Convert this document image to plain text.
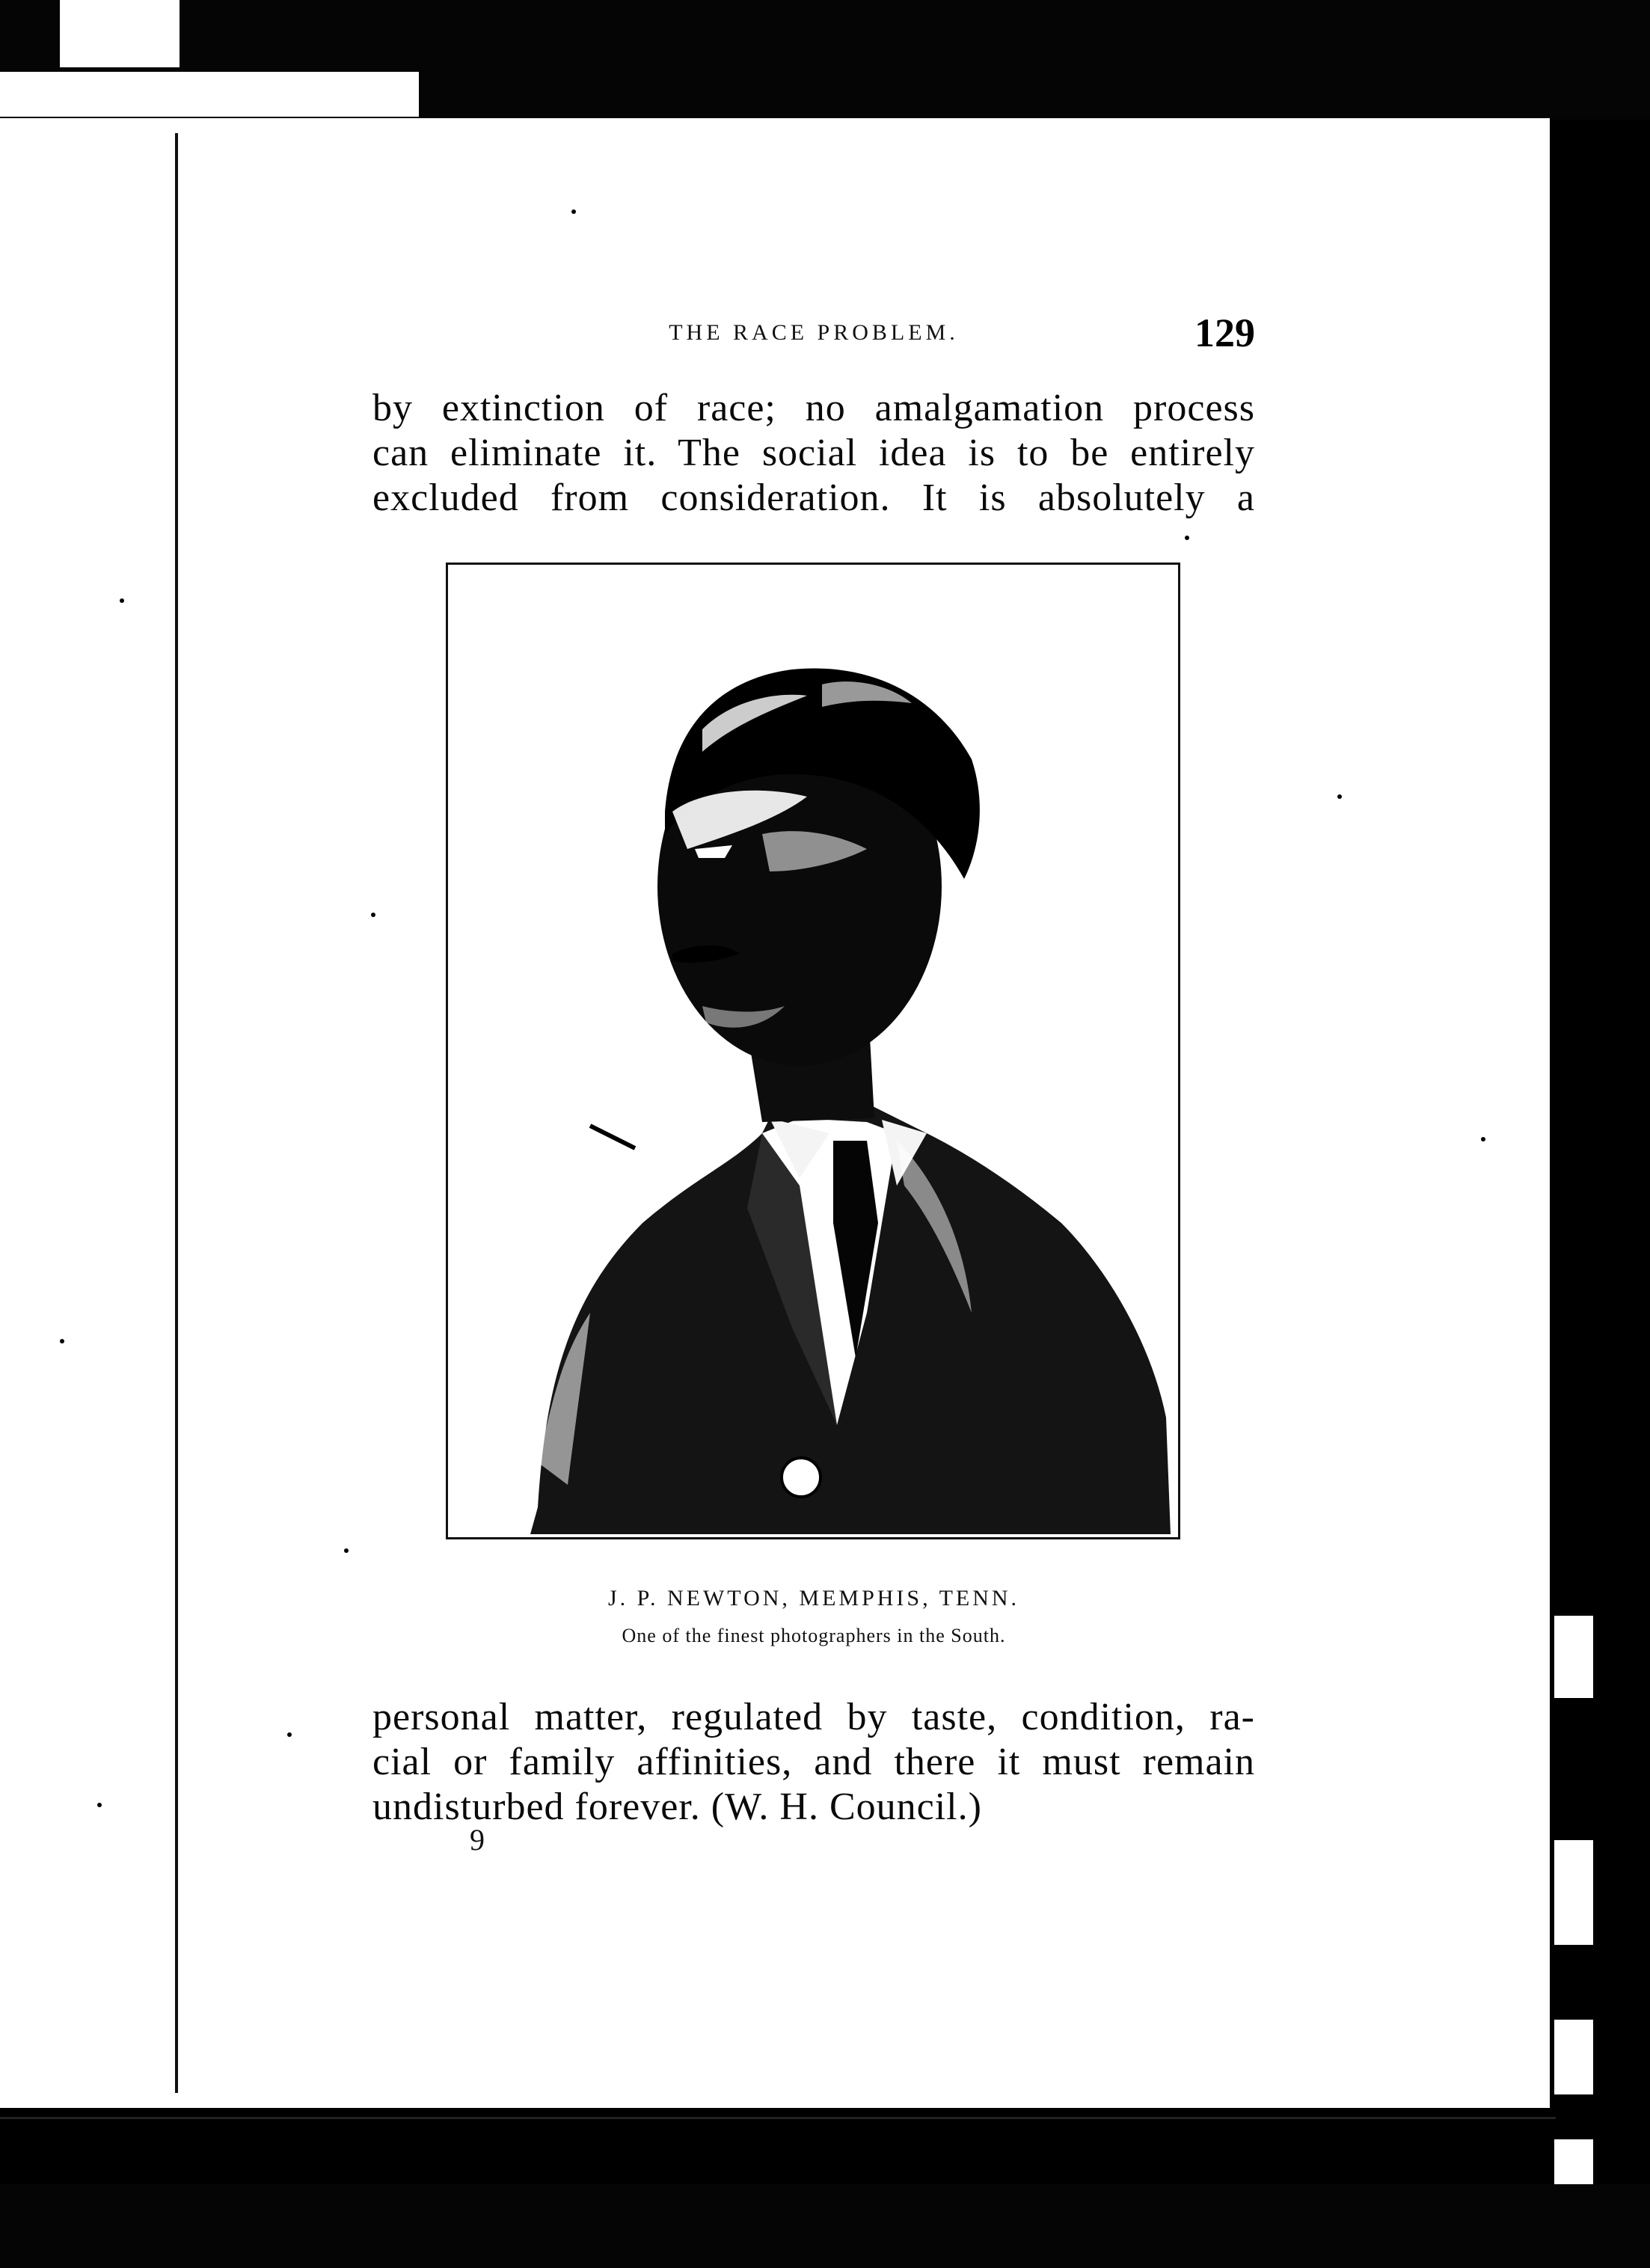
THE RACE PROBLEM.	129
by extinction of race; no amalgamation process
can eliminate it. The social idea is to be entirely
excluded from consideration. It is absolutely a
J. P. NEWTON, MEMPHIS, TENN.
One of the finest photographers in the South.
personal matter, regulated by taste, condition, ra-
cial or family affinities, and there it must remain
undisturbed forever. (W. H. Council.)
9
